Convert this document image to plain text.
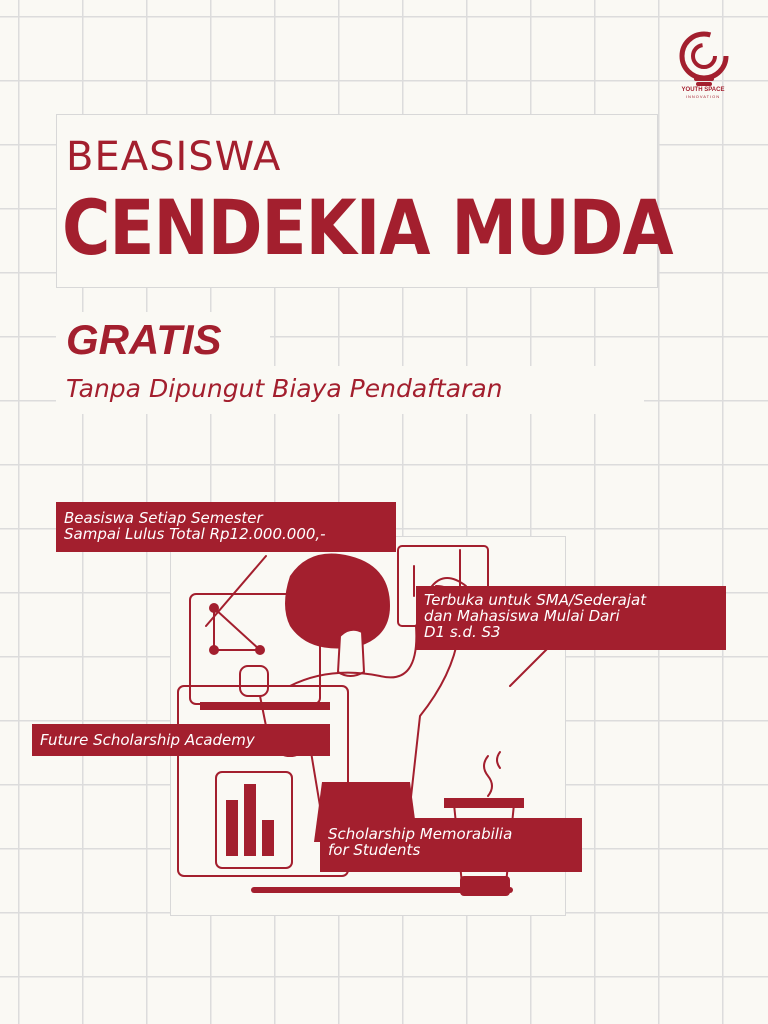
YOUTH SPACE
INNOVATION
BEASISWA
CENDEKIA MUDA
GRATIS
Tanpa Dipungut Biaya Pendaftaran
Beasiswa Setiap Semester
Sampai Lulus Total Rp12.000.000,-
Terbuka untuk SMA/Sederajat
dan Mahasiswa Mulai Dari
D1 s.d. S3
Future Scholarship Academy
Scholarship Memorabilia
for Students
